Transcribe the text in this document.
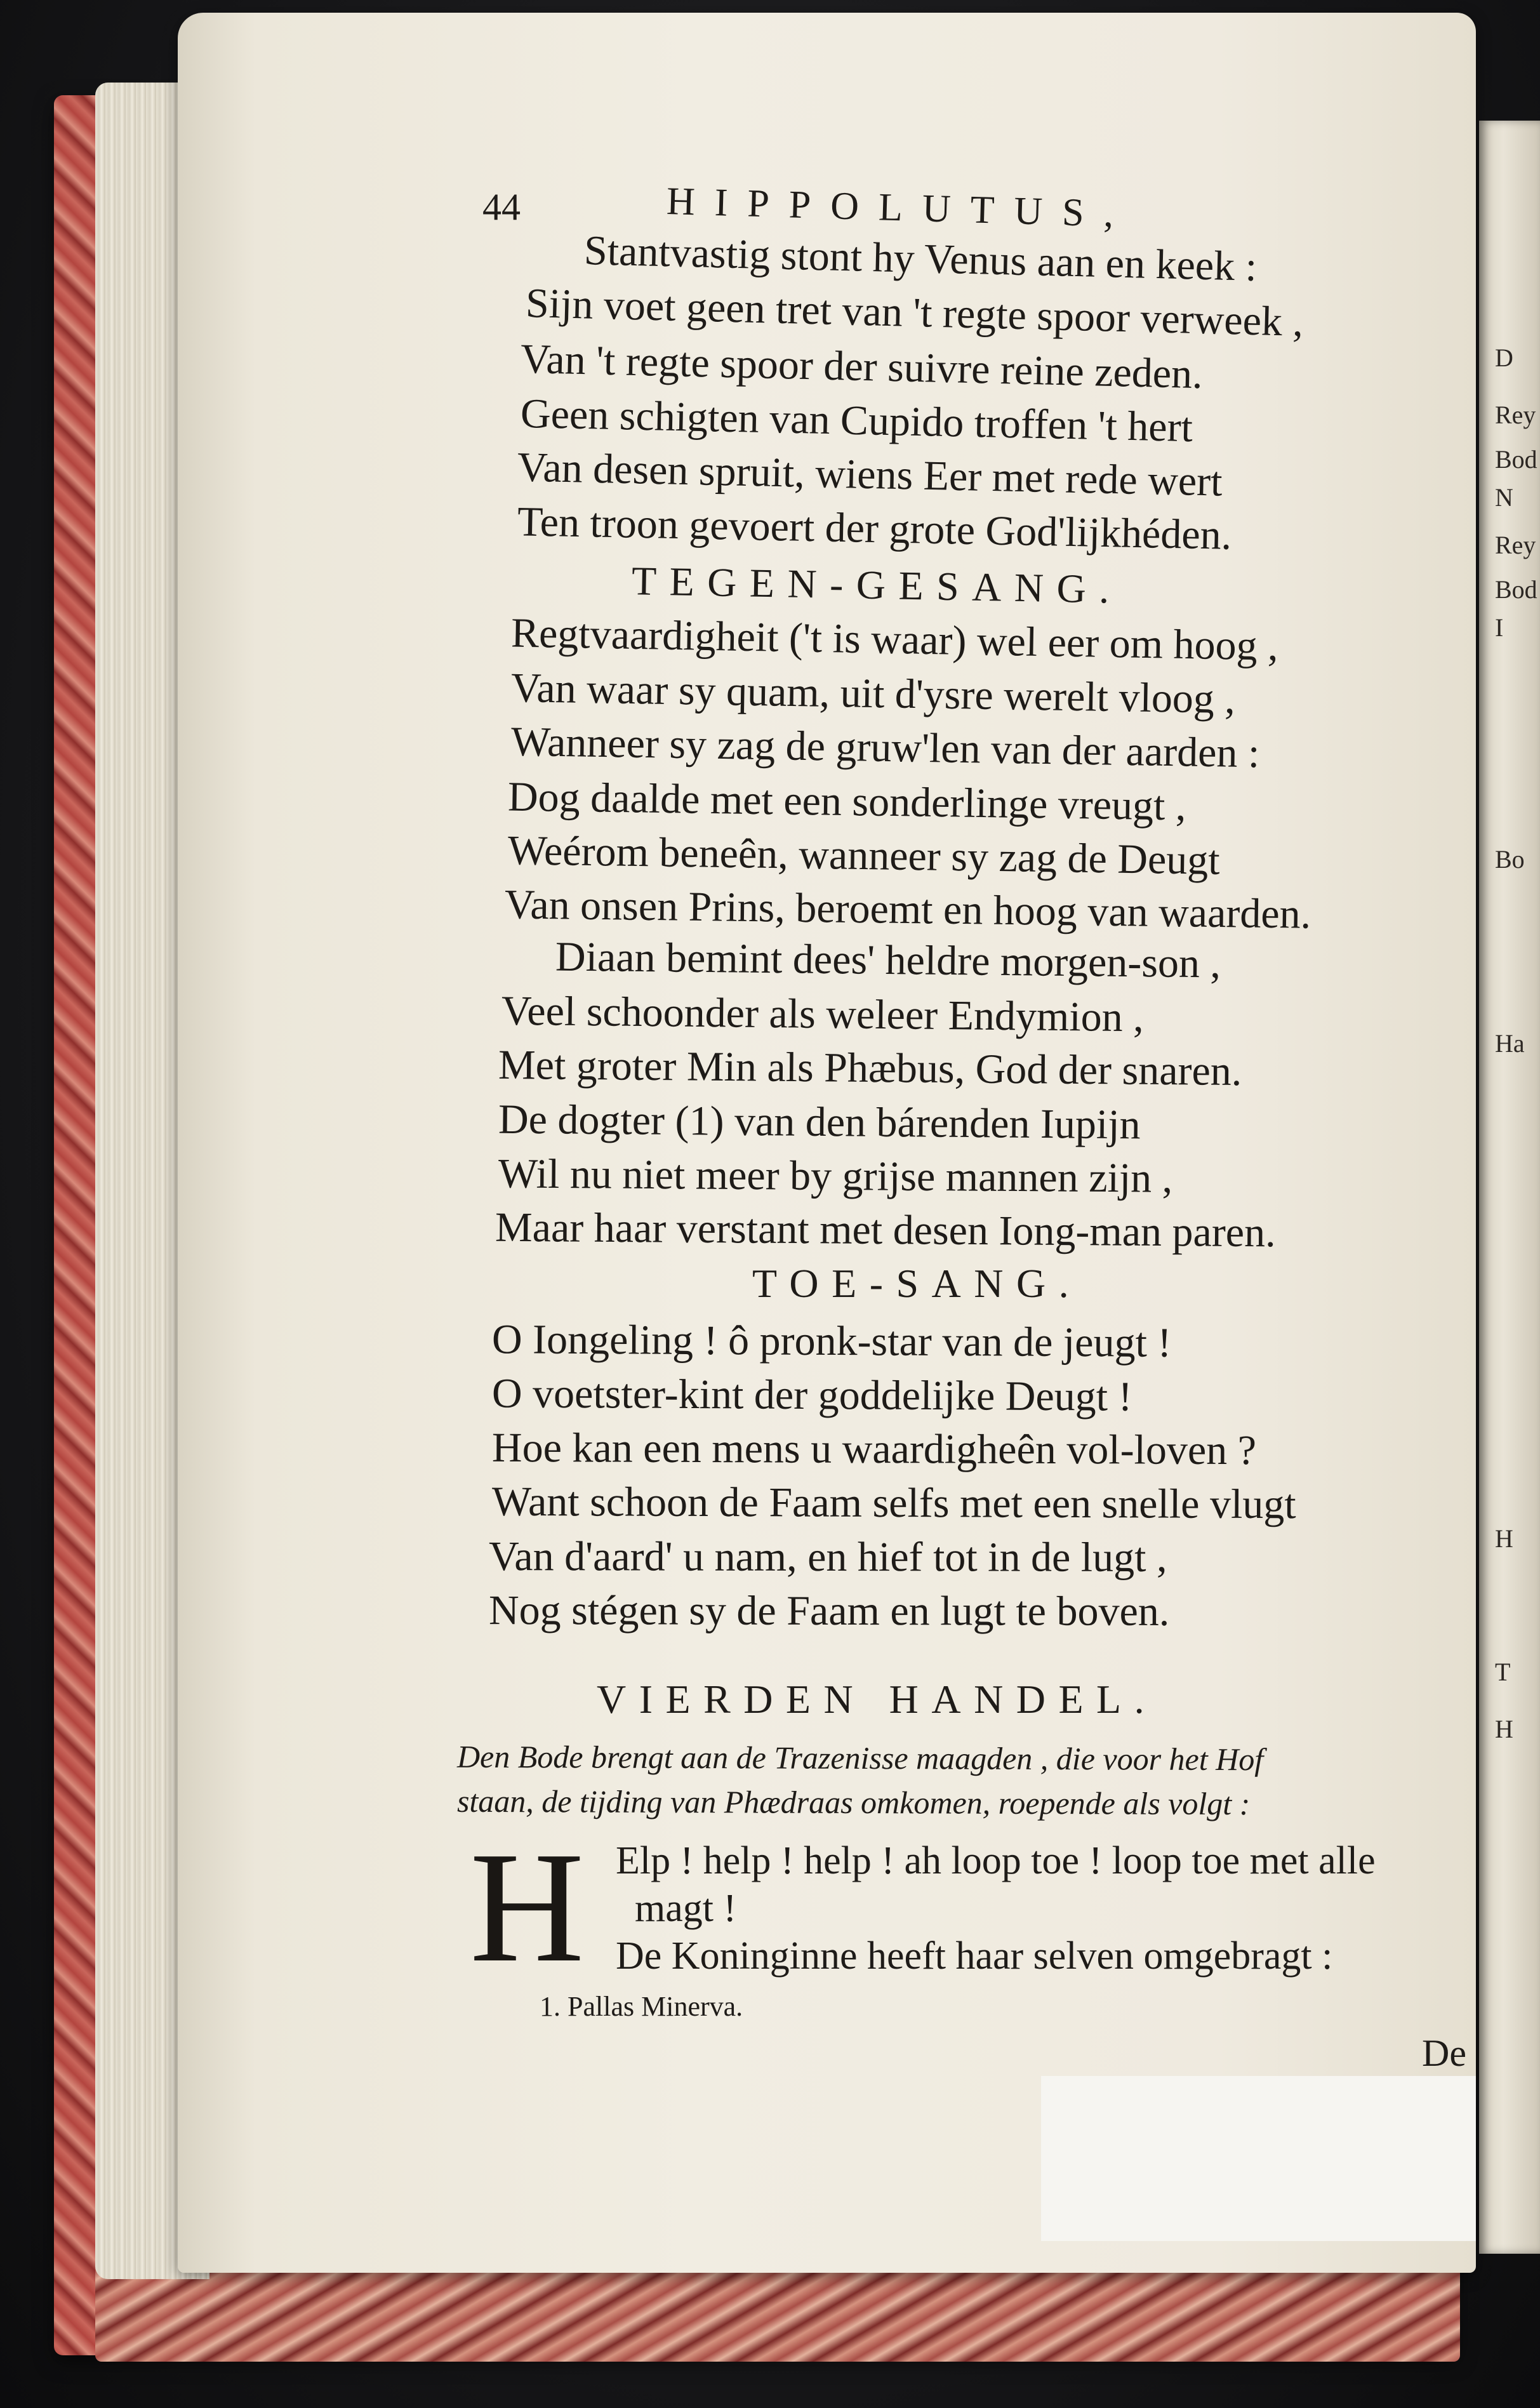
D
Rey
Bod
N
Rey
Bod
I
Bo
Ha
H
T
H
44	HIPPOLUTUS,
Stantvastig stont hy Venus aan en keek :
Sijn voet geen tret van 't regte spoor verweek ,
Van 't regte spoor der suivre reine zeden.
Geen schigten van Cupido troffen 't hert
Van desen spruit, wiens Eer met rede wert
Ten troon gevoert der grote God'lijkhéden.
TEGEN-GESANG.
Regtvaardigheit ('t is waar) wel eer om hoog ,
Van waar sy quam, uit d'ysre werelt vloog ,
Wanneer sy zag de gruw'len van der aarden :
Dog daalde met een sonderlinge vreugt ,
Weérom beneên, wanneer sy zag de Deugt
Van onsen Prins, beroemt en hoog van waarden.
Diaan bemint dees' heldre morgen-son ,
Veel schoonder als weleer Endymion ,
Met groter Min als Phæbus, God der snaren.
De dogter (1) van den bárenden Iupijn
Wil nu niet meer by grijse mannen zijn ,
Maar haar verstant met desen Iong-man paren.
TOE-SANG.
O Iongeling ! ô pronk-star van de jeugt !
O voetster-kint der goddelijke Deugt !
Hoe kan een mens u waardigheên vol-loven ?
Want schoon de Faam selfs met een snelle vlugt
Van d'aard' u nam, en hief tot in de lugt ,
Nog stégen sy de Faam en lugt te boven.
VIERDEN HANDEL.
Den Bode brengt aan de Trazenisse maagden , die voor het Hof
staan, de tijding van Phædraas omkomen, roepende als volgt :
H Elp ! help ! help ! ah loop toe ! loop toe met alle
magt !
De Koninginne heeft haar selven omgebragt :
1. Pallas Minerva.
De
